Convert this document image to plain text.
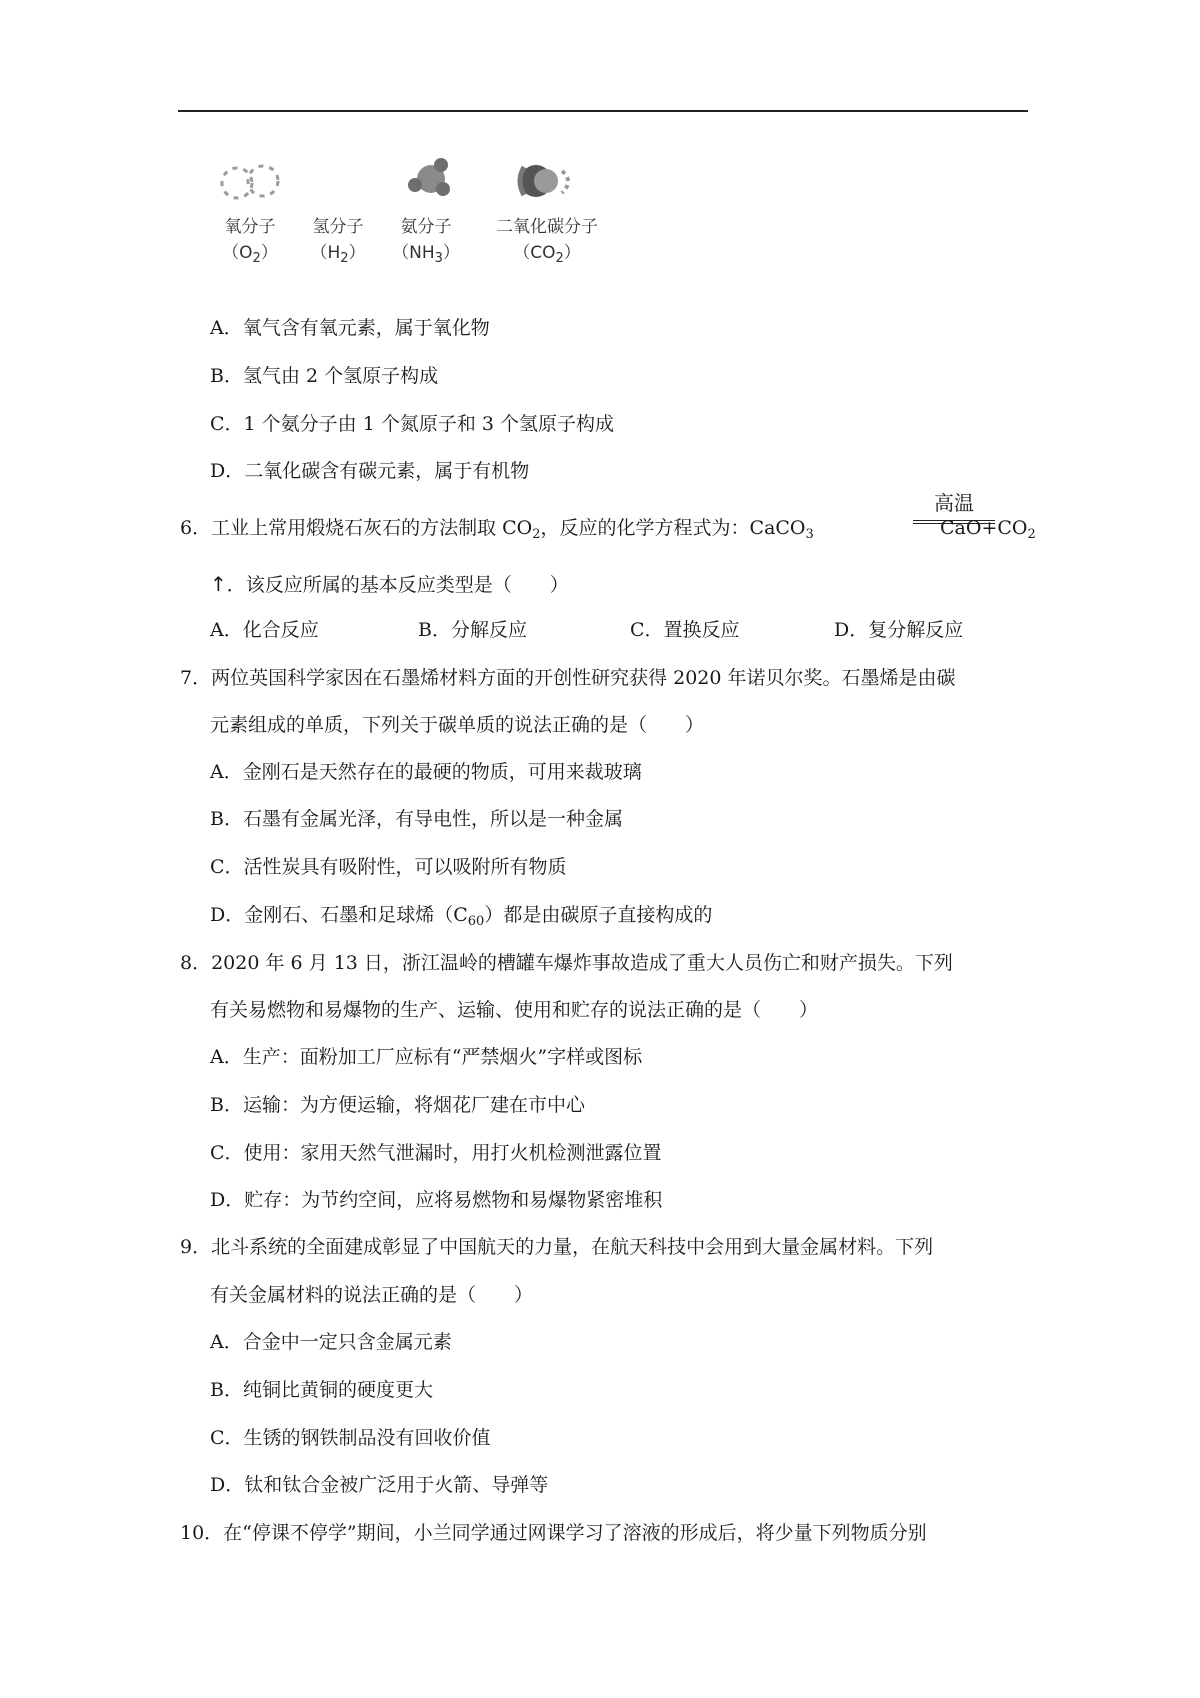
氧分子
$(O_2)$
氢分子
$(H_2)$
氨分子
$(NH_3)$
二氧化碳分子
$(CO_2)$
A．氧气含有氧元素，属于氧化物
B．氢气由 2 个氢原子构成
C．1 个氨分子由 1 个氮原子和 3 个氢原子构成
D．二氧化碳含有碳元素，属于有机物
6．工业上常用煅烧石灰石的方法制取 $CO_2$，反应的化学方程式为：CaCO$_3$
高温
$CaO+CO_2$
↑．该反应所属的基本反应类型是（　　）
A．化合反应	B．分解反应	C．置换反应	D．复分解反应
7．两位英国科学家因在石墨烯材料方面的开创性研究获得 2020 年诺贝尔奖。石墨烯是由碳
元素组成的单质，下列关于碳单质的说法正确的是（　　）
A．金刚石是天然存在的最硬的物质，可用来裁玻璃
B．石墨有金属光泽，有导电性，所以是一种金属
C．活性炭具有吸附性，可以吸附所有物质
D．金刚石、石墨和足球烯$(C_{60})$都是由碳原子直接构成的
8．2020 年 6 月 13 日，浙江温岭的槽罐车爆炸事故造成了重大人员伤亡和财产损失。下列
有关易燃物和易爆物的生产、运输、使用和贮存的说法正确的是（　　）
A．生产：面粉加工厂应标有“严禁烟火”字样或图标
B．运输：为方便运输，将烟花厂建在市中心
C．使用：家用天然气泄漏时，用打火机检测泄露位置
D．贮存：为节约空间，应将易燃物和易爆物紧密堆积
9．北斗系统的全面建成彰显了中国航天的力量，在航天科技中会用到大量金属材料。下列
有关金属材料的说法正确的是（　　）
A．合金中一定只含金属元素
B．纯铜比黄铜的硬度更大
C．生锈的钢铁制品没有回收价值
D．钛和钛合金被广泛用于火箭、导弹等
10．在“停课不停学”期间，小兰同学通过网课学习了溶液的形成后，将少量下列物质分别
